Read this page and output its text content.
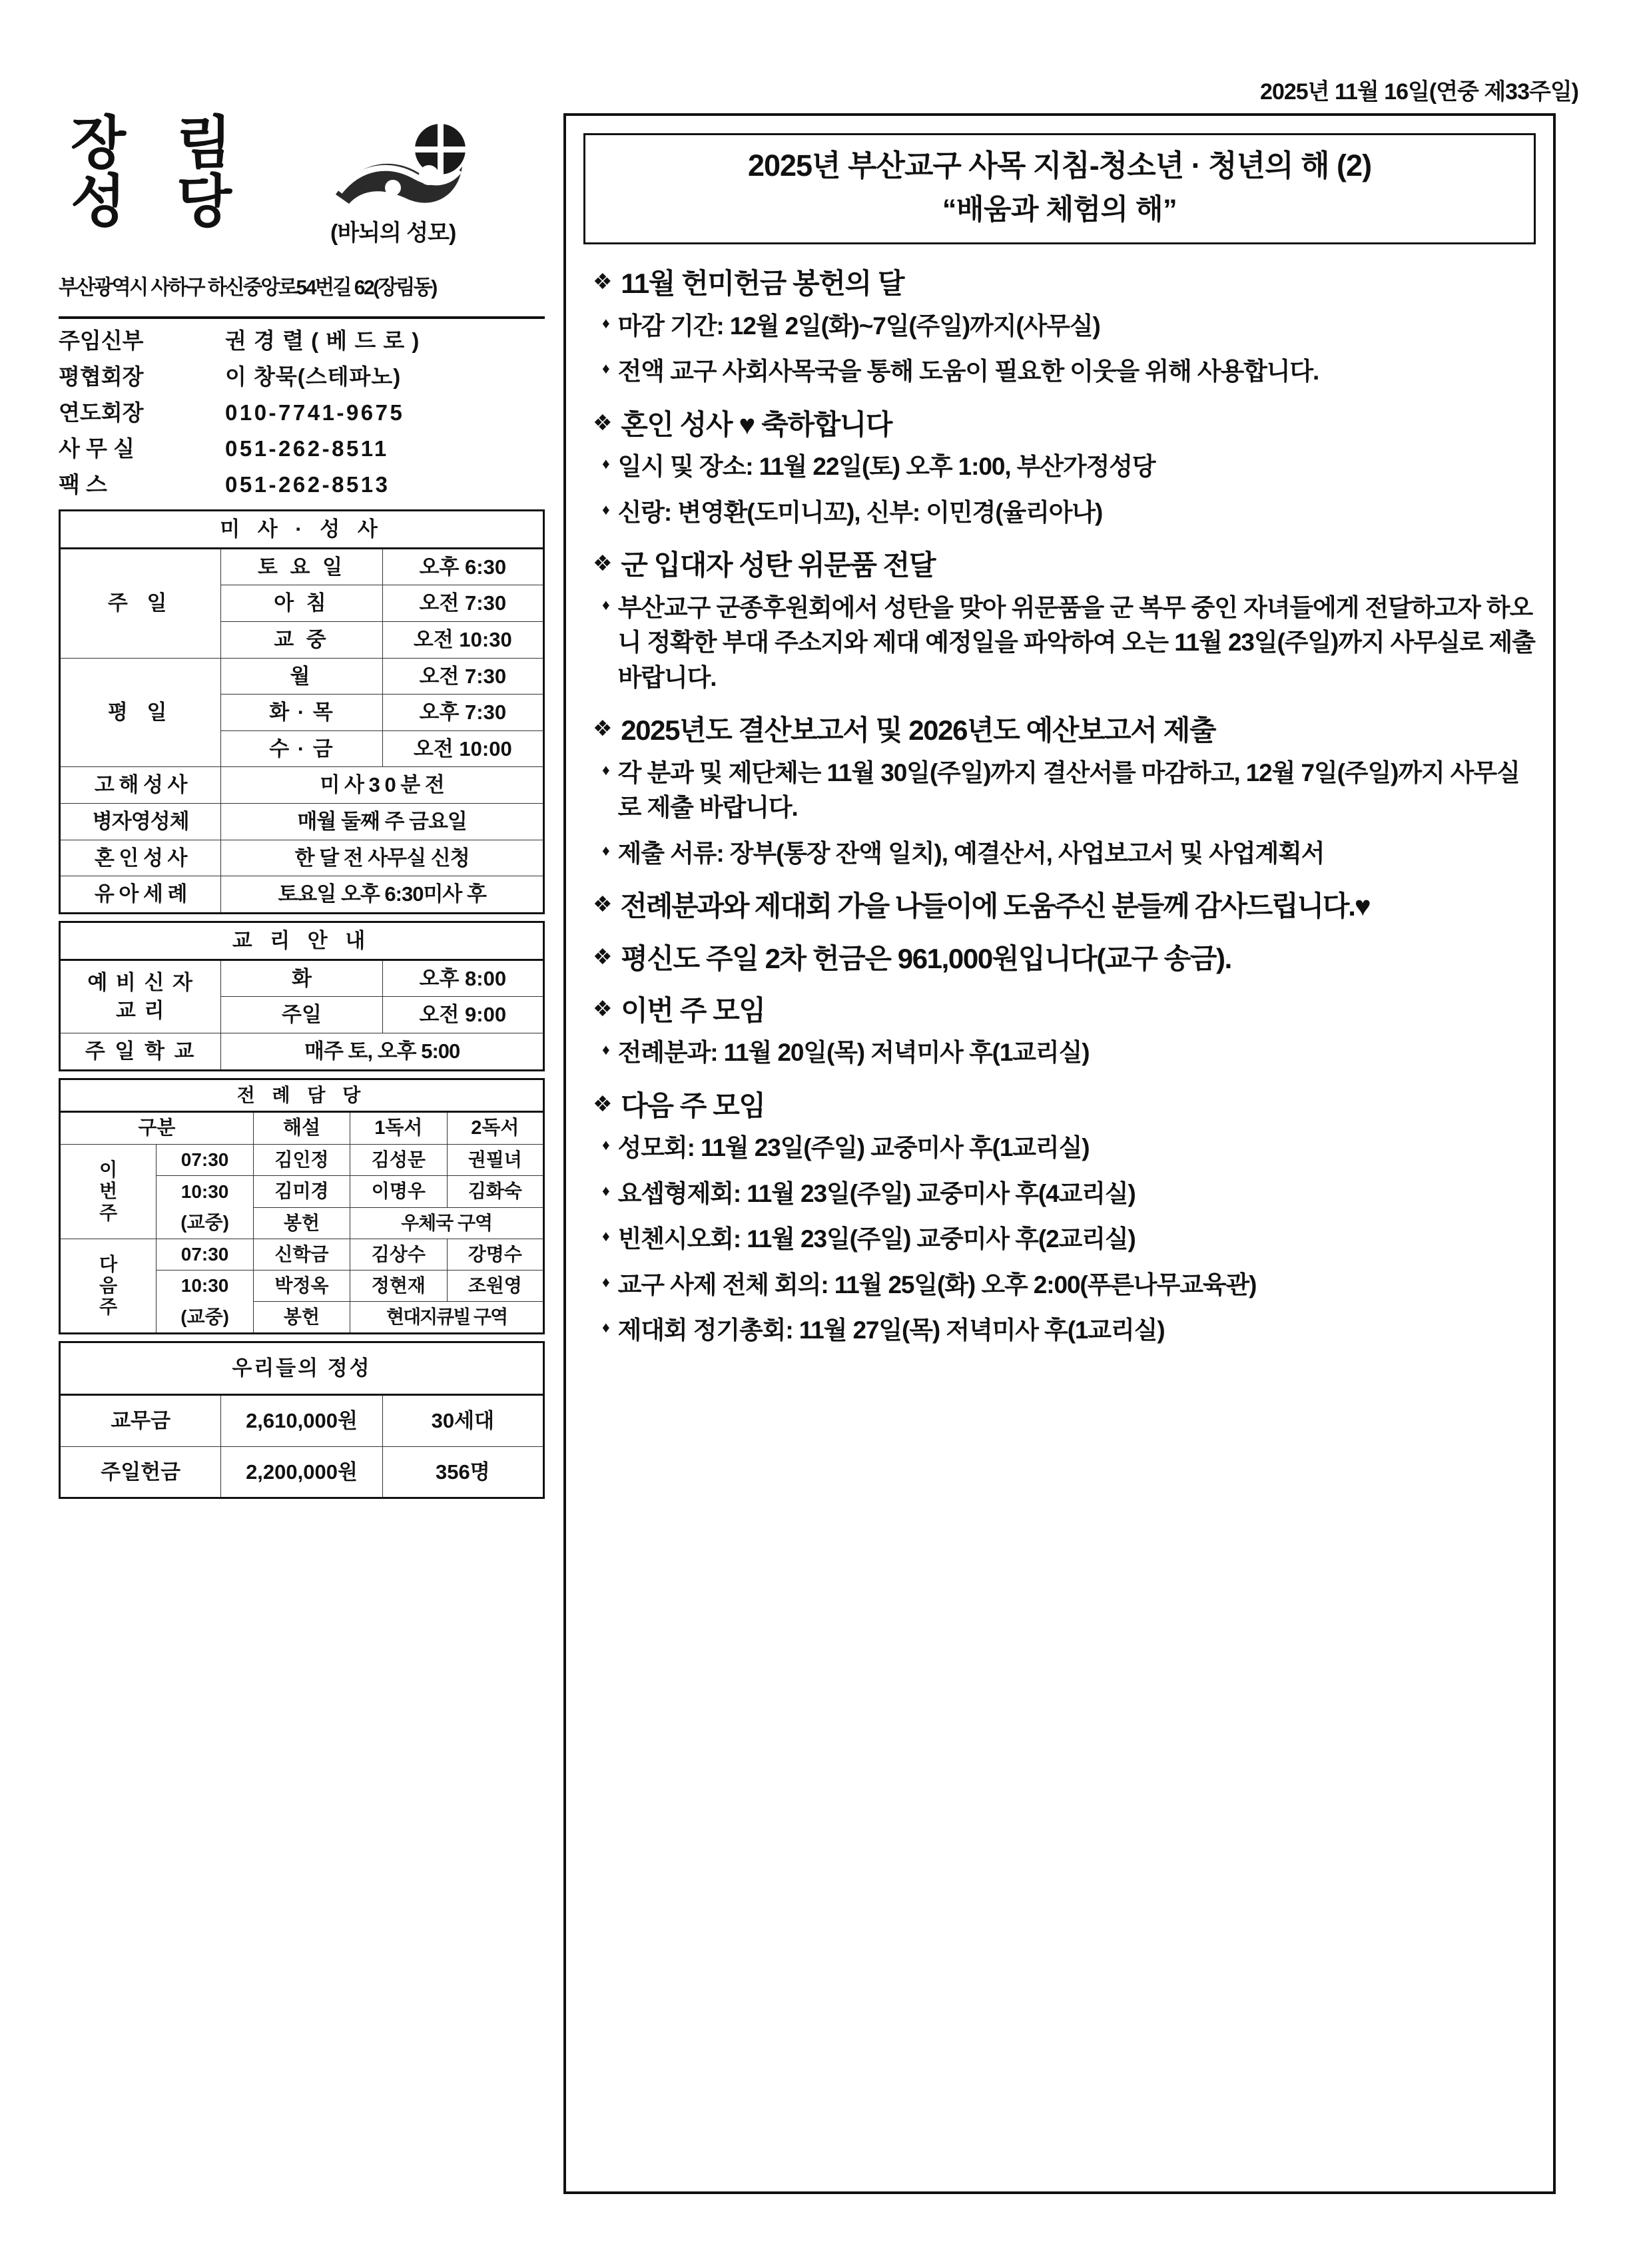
2025년 11월 16일(연중 제33주일)
장 림
성 당	(바뇌의 성모)
부산광역시 사하구 하신중앙로54번길 62(장림동)
주임신부	권 경 렬 ( 베 드 로 )
평협회장	이 창묵(스테파노)
연도회장	010-7741-9675
사 무 실	051-262-8511
팩 스	051-262-8513
미 사 · 성 사		
주 일	토 요 일	오후 6:30
	아 침	오전 7:30
	교 중	오전 10:30
평 일	월	오전 7:30
	화 · 목	오후 7:30
	수 · 금	오전 10:00
고 해 성 사	미 사 3 0 분 전	
병자영성체	매월 둘째 주 금요일	
혼 인 성 사	한 달 전 사무실 신청	
유 아 세 례	토요일 오후 6:30미사 후	
교 리 안 내		

예 비 신 자
교 리	화	오후 8:00
	주일	오전 9:00
주 일 학 교	매주 토, 오후 5:00	
전 례 담 당				
구분		해설	1독서	2독서

이
번
주	07:30	김인정	김성문	권필녀
	10:30	김미경	이명우	김화숙
	(교중)	봉헌	우체국 구역	

다
음
주	07:30	신학금	김상수	강명수
	10:30	박정옥	정현재	조원영
	(교중)	봉헌	현대지큐빌 구역	
우리들의 정성		
교무금	2,610,000원	30세대
주일헌금	2,200,000원	356명
2025년 부산교구 사목 지침-청소년 · 청년의 해 (2)
“배움과 체험의 해”
❖ 11월 헌미헌금 봉헌의 달
♦ 마감 기간: 12월 2일(화)~7일(주일)까지(사무실)
♦ 전액 교구 사회사목국을 통해 도움이 필요한 이웃을 위해 사용합니다.
❖ 혼인 성사 ♥ 축하합니다
♦ 일시 및 장소: 11월 22일(토) 오후 1:00, 부산가정성당
♦ 신랑: 변영환(도미니꼬), 신부: 이민경(율리아나)
❖ 군 입대자 성탄 위문품 전달
♦ 부산교구 군종후원회에서 성탄을 맞아 위문품을 군 복무 중인 자녀들에게 전달하고자 하오니 정확한 부대 주소지와 제대 예정일을 파악하여 오는 11월 23일(주일)까지 사무실로 제출 바랍니다.
❖ 2025년도 결산보고서 및 2026년도 예산보고서 제출
♦ 각 분과 및 제단체는 11월 30일(주일)까지 결산서를 마감하고, 12월 7일(주일)까지 사무실로 제출 바랍니다.
♦ 제출 서류: 장부(통장 잔액 일치), 예결산서, 사업보고서 및 사업계획서
❖ 전례분과와 제대회 가을 나들이에 도움주신 분들께 감사드립니다.♥
❖ 평신도 주일 2차 헌금은 961,000원입니다(교구 송금).
❖ 이번 주 모임
♦ 전례분과: 11월 20일(목) 저녁미사 후(1교리실)
❖ 다음 주 모임
♦ 성모회: 11월 23일(주일) 교중미사 후(1교리실)
♦ 요셉형제회: 11월 23일(주일) 교중미사 후(4교리실)
♦ 빈첸시오회: 11월 23일(주일) 교중미사 후(2교리실)
♦ 교구 사제 전체 회의: 11월 25일(화) 오후 2:00(푸른나무교육관)
♦ 제대회 정기총회: 11월 27일(목) 저녁미사 후(1교리실)
